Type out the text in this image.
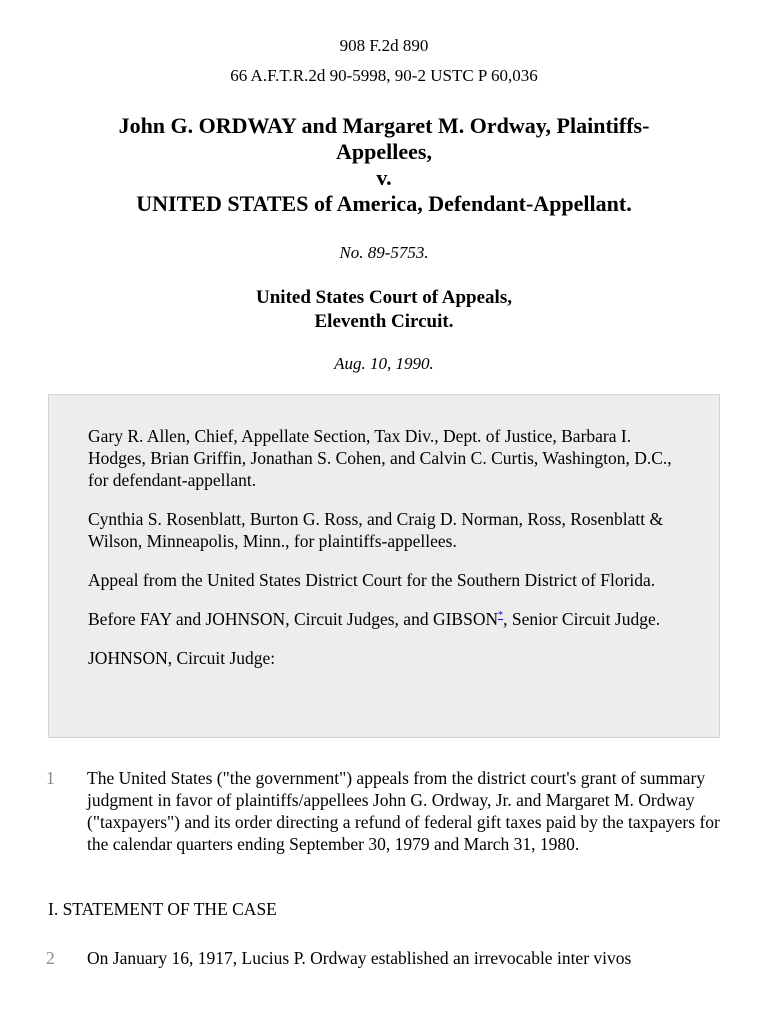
908 F.2d 890
66 A.F.T.R.2d 90-5998, 90-2 USTC P 60,036
John G. ORDWAY and Margaret M. Ordway, Plaintiffs-
Appellees,
v.
UNITED STATES of America, Defendant-Appellant.
No. 89-5753.
United States Court of Appeals,
Eleventh Circuit.
Aug. 10, 1990.

Gary R. Allen, Chief, Appellate Section, Tax Div., Dept. of Justice, Barbara I. Hodges, Brian Griffin, Jonathan S. Cohen, and Calvin C. Curtis, Washington, D.C., for defendant-appellant.

Cynthia S. Rosenblatt, Burton G. Ross, and Craig D. Norman, Ross, Rosenblatt & Wilson, Minneapolis, Minn., for plaintiffs-appellees.

Appeal from the United States District Court for the Southern District of Florida.

Before FAY and JOHNSON, Circuit Judges, and GIBSON*, Senior Circuit Judge.

JOHNSON, Circuit Judge:

1 The United States ("the government") appeals from the district court's grant of summary judgment in favor of plaintiffs/appellees John G. Ordway, Jr. and Margaret M. Ordway ("taxpayers") and its order directing a refund of federal gift taxes paid by the taxpayers for the calendar quarters ending September 30, 1979 and March 31, 1980.
I. STATEMENT OF THE CASE
2 On January 16, 1917, Lucius P. Ordway established an irrevocable inter vivos
